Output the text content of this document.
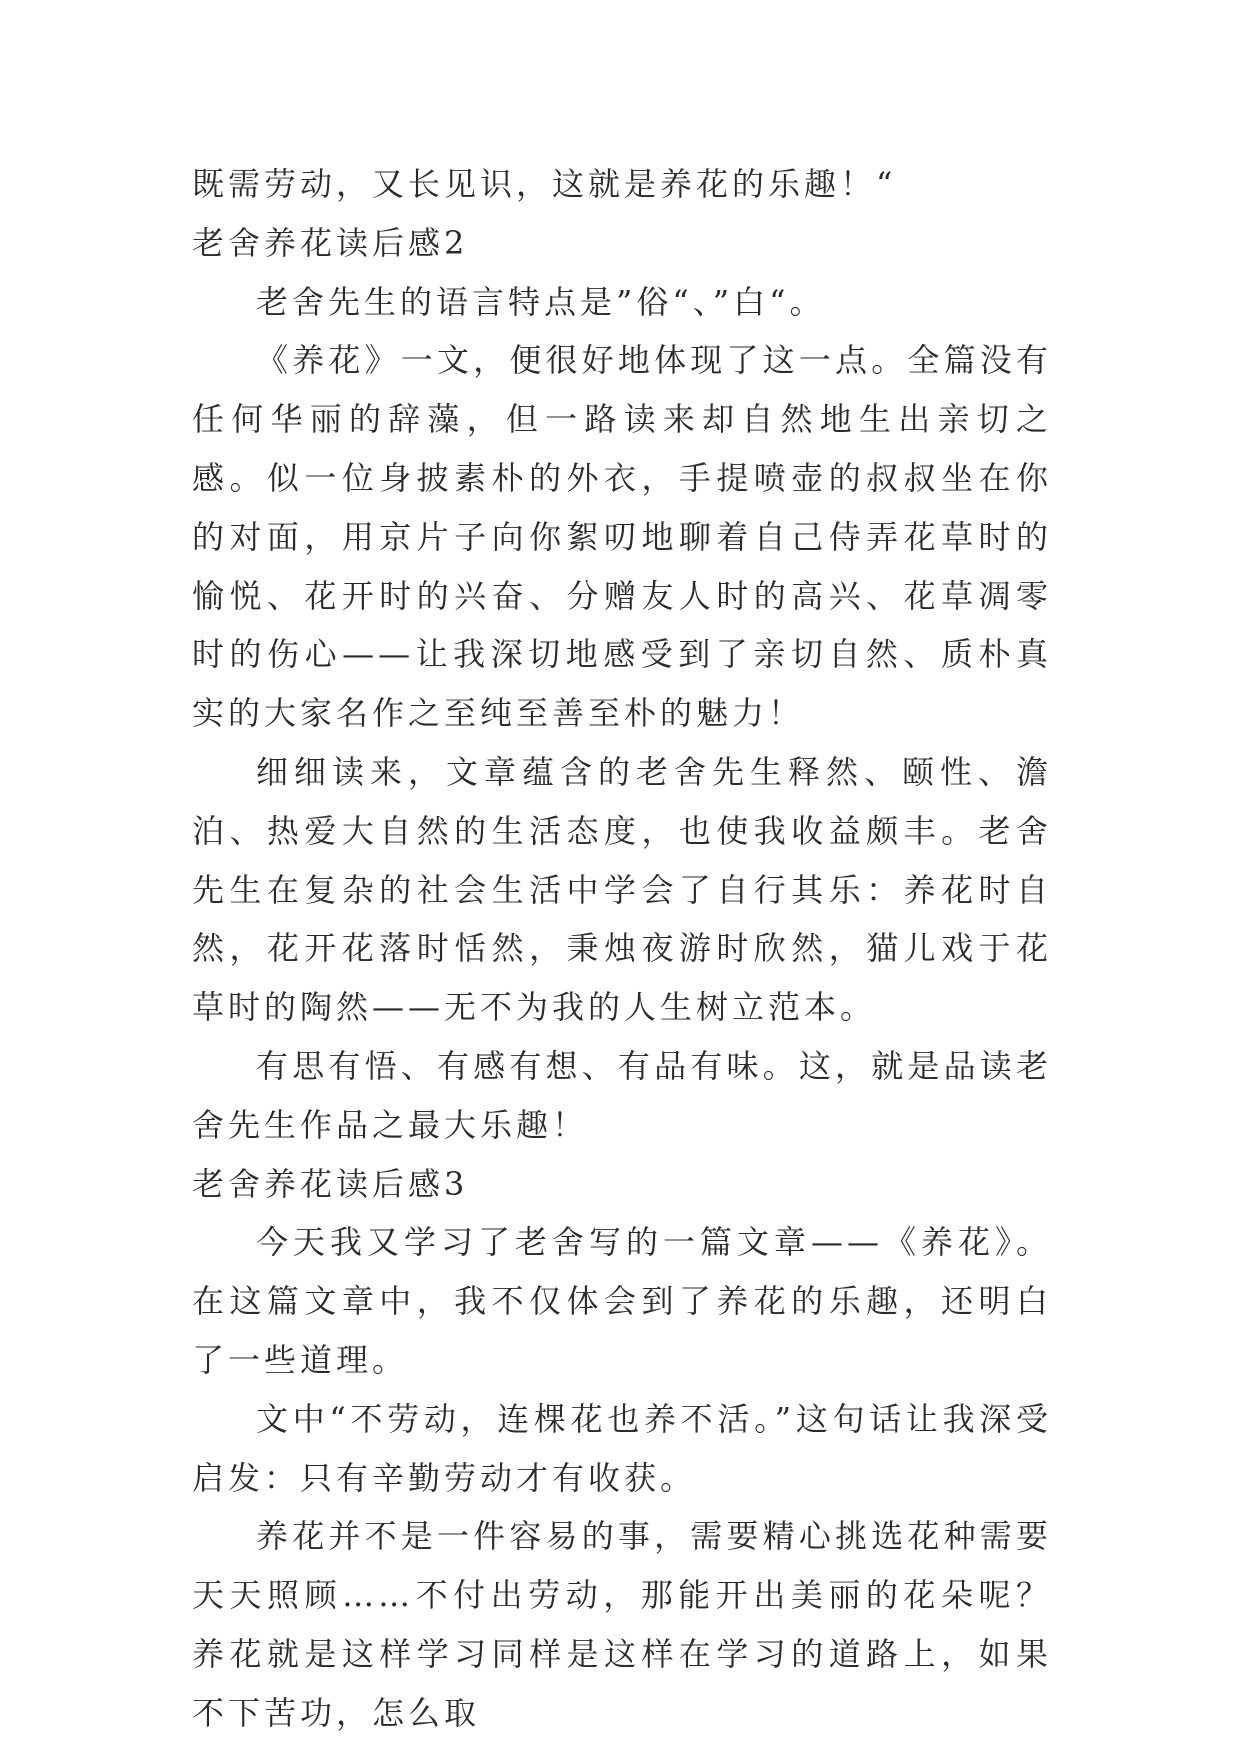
既需劳动，又长见识，这就是养花的乐趣！“

老舍养花读后感2

老舍先生的语言特点是”俗“、”白“。

《养花》一文，便很好地体现了这一点。全篇没有任何华丽的辞藻，但一路读来却自然地生出亲切之感。似一位身披素朴的外衣，手提喷壶的叔叔坐在你的对面，用京片子向你絮叨地聊着自己侍弄花草时的愉悦、花开时的兴奋、分赠友人时的高兴、花草凋零时的伤心——让我深切地感受到了亲切自然、质朴真实的大家名作之至纯至善至朴的魅力！

细细读来，文章蕴含的老舍先生释然、颐性、澹泊、热爱大自然的生活态度，也使我收益颇丰。老舍先生在复杂的社会生活中学会了自行其乐：养花时自然，花开花落时恬然，秉烛夜游时欣然，猫儿戏于花草时的陶然——无不为我的人生树立范本。

有思有悟、有感有想、有品有味。这，就是品读老舍先生作品之最大乐趣！

老舍养花读后感3

今天我又学习了老舍写的一篇文章——《养花》。在这篇文章中，我不仅体会到了养花的乐趣，还明白了一些道理。

文中“不劳动，连棵花也养不活。”这句话让我深受启发：只有辛勤劳动才有收获。

养花并不是一件容易的事，需要精心挑选花种需要天天照顾……不付出劳动，那能开出美丽的花朵呢？养花就是这样学习同样是这样在学习的道路上，如果不下苦功，怎么取
